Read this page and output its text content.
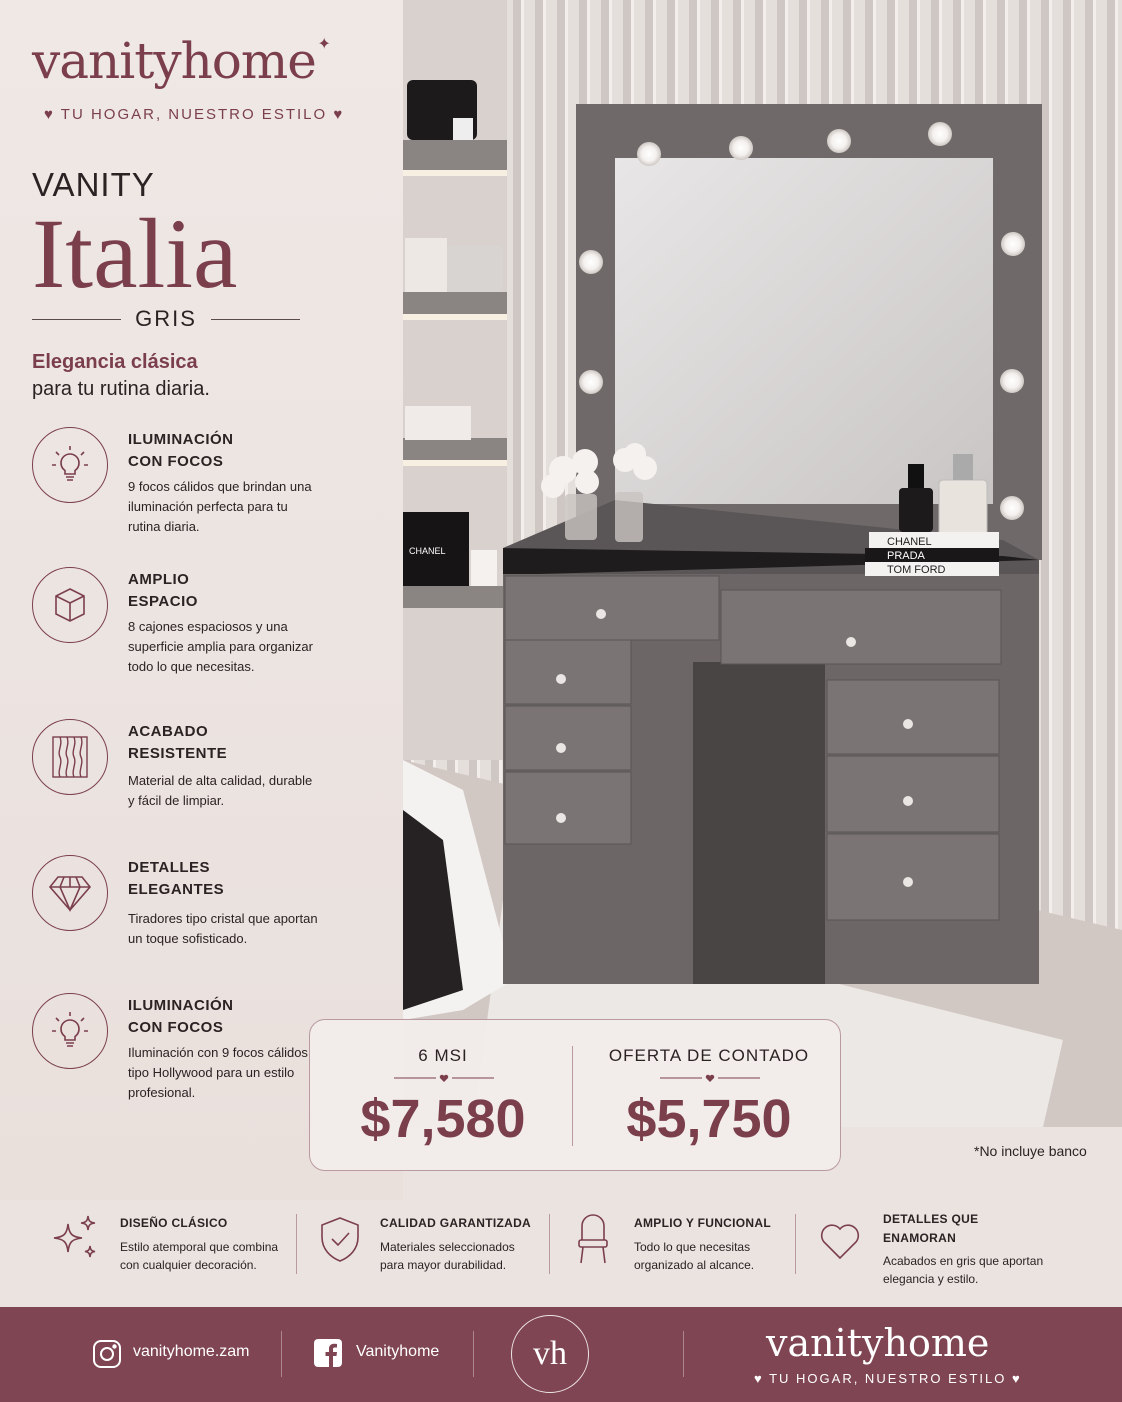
vanityhome ✦
♥ TU HOGAR, NUESTRO ESTILO ♥
VANITY
Italia
GRIS
Elegancia clásica
para tu rutina diaria.
ILUMINACIÓN
CON FOCOS
9 focos cálidos que brindan una iluminación perfecta para tu rutina diaria.
AMPLIO
ESPACIO
8 cajones espaciosos y una superficie amplia para organizar todo lo que necesitas.
ACABADO
RESISTENTE
Material de alta calidad, durable y fácil de limpiar.
DETALLES
ELEGANTES
Tiradores tipo cristal que aportan un toque sofisticado.
ILUMINACIÓN
CON FOCOS
Iluminación con 9 focos cálidos tipo Hollywood para un estilo profesional.
CHANEL
CHANEL
PRADA
TOM FORD
6 MSI
$7,580
OFERTA DE CONTADO
$5,750
*No incluye banco
DISEÑO CLÁSICO
Estilo atemporal que combina con cualquier decoración.
CALIDAD GARANTIZADA
Materiales seleccionados para mayor durabilidad.
AMPLIO Y FUNCIONAL
Todo lo que necesitas organizado al alcance.
DETALLES QUE
ENAMORAN
Acabados en gris que aportan elegancia y estilo.
vanityhome.zam	Vanityhome	vh	vanityhome
♥ TU HOGAR, NUESTRO ESTILO ♥
